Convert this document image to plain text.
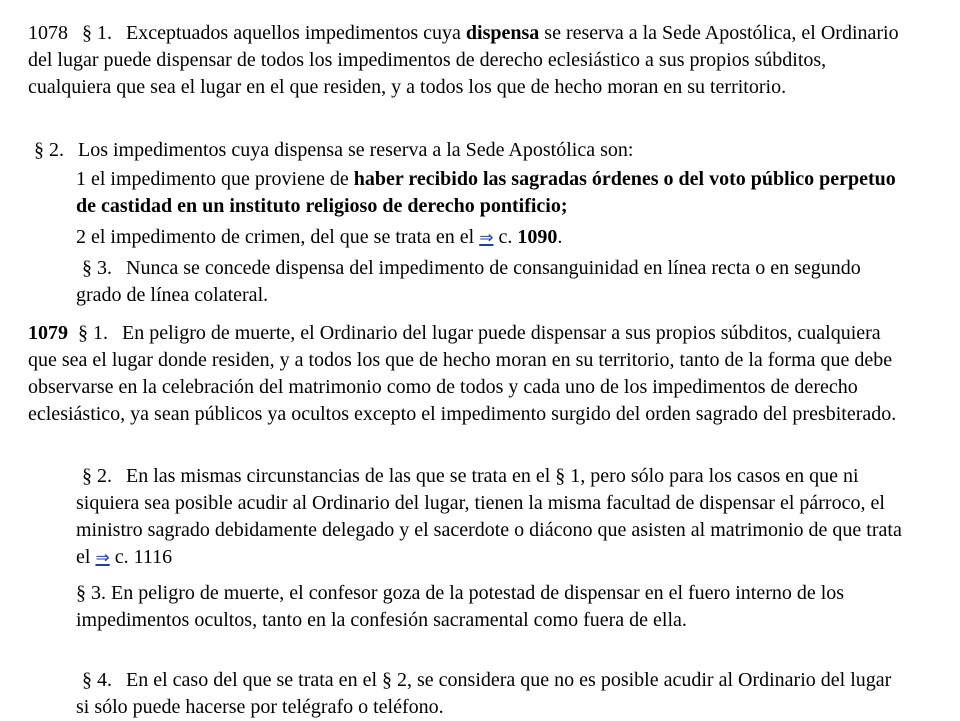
1078 § 1. Exceptuados aquellos impedimentos cuya dispensa se reserva a la Sede Apostólica, el Ordinario del lugar puede dispensar de todos los impedimentos de derecho eclesiástico a sus propios súbditos, cualquiera que sea el lugar en el que residen, y a todos los que de hecho moran en su territorio.

§ 2. Los impedimentos cuya dispensa se reserva a la Sede Apostólica son:

1 el impedimento que proviene de haber recibido las sagradas órdenes o del voto público perpetuo de castidad en un instituto religioso de derecho pontificio;

2 el impedimento de crimen, del que se trata en el ⇒ c. 1090.

§ 3. Nunca se concede dispensa del impedimento de consanguinidad en línea recta o en segundo grado de línea colateral.

1079 § 1. En peligro de muerte, el Ordinario del lugar puede dispensar a sus propios súbditos, cualquiera que sea el lugar donde residen, y a todos los que de hecho moran en su territorio, tanto de la forma que debe observarse en la celebración del matrimonio como de todos y cada uno de los impedimentos de derecho eclesiástico, ya sean públicos ya ocultos excepto el impedimento surgido del orden sagrado del presbiterado.

§ 2. En las mismas circunstancias de las que se trata en el § 1, pero sólo para los casos en que ni siquiera sea posible acudir al Ordinario del lugar, tienen la misma facultad de dispensar el párroco, el ministro sagrado debidamente delegado y el sacerdote o diácono que asisten al matrimonio de que trata el ⇒ c. 1116

§ 3. En peligro de muerte, el confesor goza de la potestad de dispensar en el fuero interno de los impedimentos ocultos, tanto en la confesión sacramental como fuera de ella.

§ 4. En el caso del que se trata en el § 2, se considera que no es posible acudir al Ordinario del lugar si sólo puede hacerse por telégrafo o teléfono.
